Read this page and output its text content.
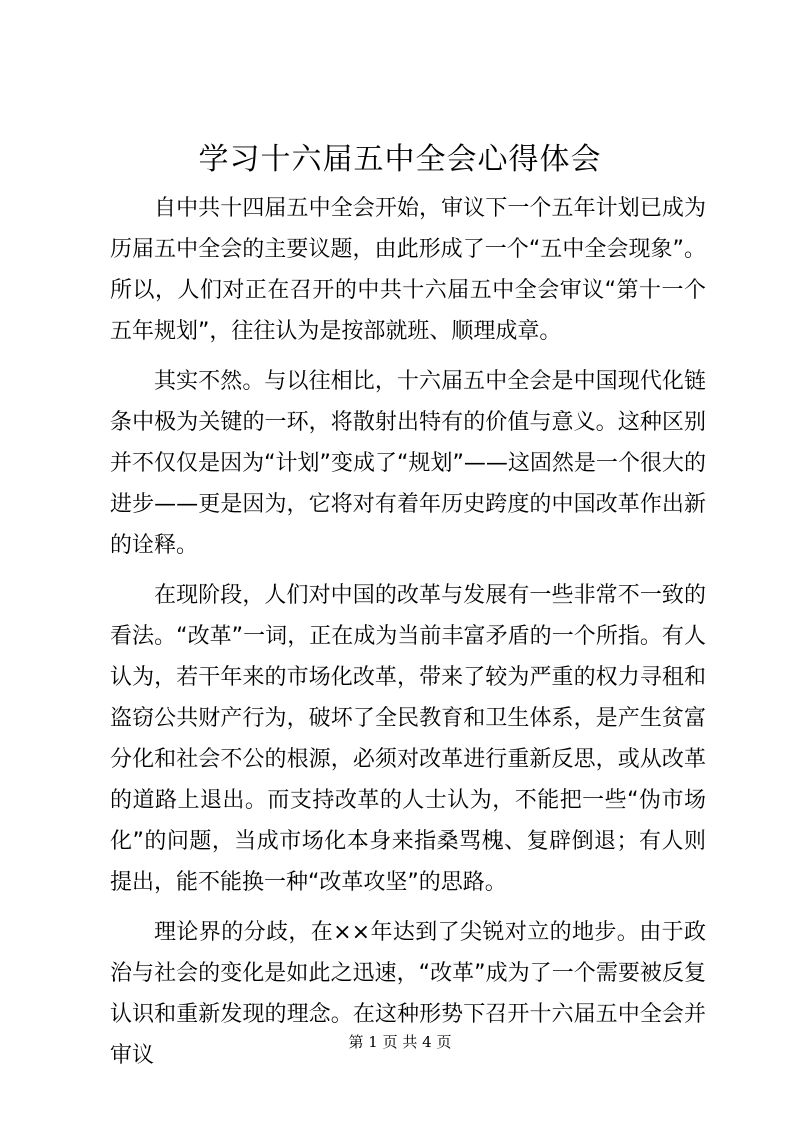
学习十六届五中全会心得体会

自中共十四届五中全会开始，审议下一个五年计划已成为历届五中全会的主要议题，由此形成了一个“五中全会现象”。所以，人们对正在召开的中共十六届五中全会审议“第十一个五年规划”，往往认为是按部就班、顺理成章。

其实不然。与以往相比，十六届五中全会是中国现代化链条中极为关键的一环，将散射出特有的价值与意义。这种区别并不仅仅是因为“计划”变成了“规划”——这固然是一个很大的进步——更是因为，它将对有着年历史跨度的中国改革作出新的诠释。

在现阶段，人们对中国的改革与发展有一些非常不一致的看法。“改革”一词，正在成为当前丰富矛盾的一个所指。有人认为，若干年来的市场化改革，带来了较为严重的权力寻租和盗窃公共财产行为，破坏了全民教育和卫生体系，是产生贫富分化和社会不公的根源，必须对改革进行重新反思，或从改革的道路上退出。而支持改革的人士认为，不能把一些“伪市场化”的问题，当成市场化本身来指桑骂槐、复辟倒退；有人则提出，能不能换一种“改革攻坚”的思路。

理论界的分歧，在××年达到了尖锐对立的地步。由于政治与社会的变化是如此之迅速，“改革”成为了一个需要被反复认识和重新发现的理念。在这种形势下召开十六届五中全会并审议

第 1 页 共 4 页
